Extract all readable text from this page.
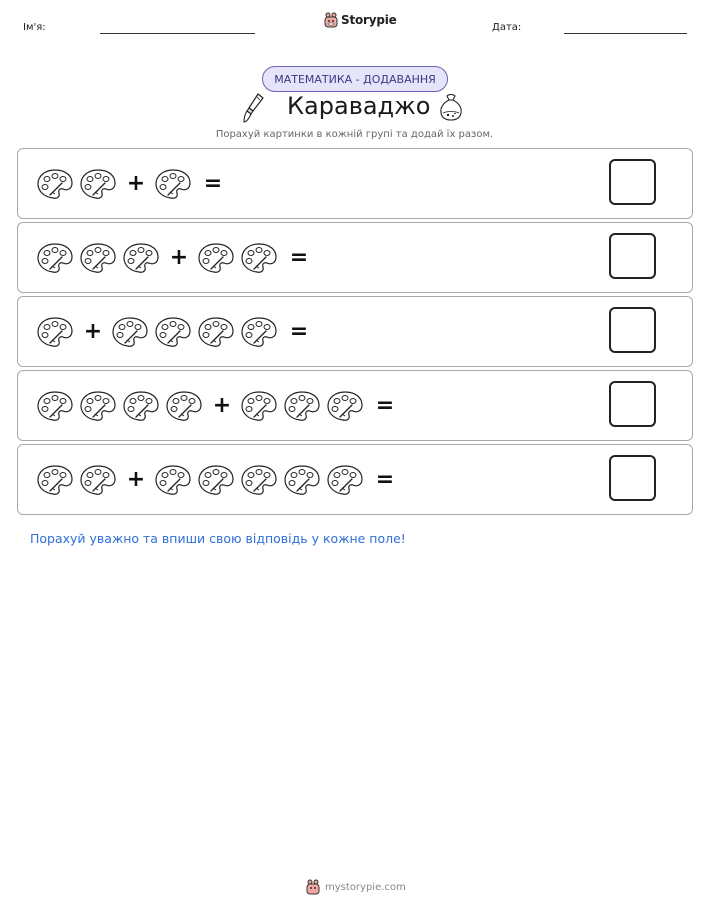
Ім'я:
Storypie
Дата:
МАТЕМАТИКА - ДОДАВАННЯ
Караваджо
Порахуй картинки в кожній групі та додай їх разом.
+	=
+	=
+	=
+	=
+	=
Порахуй уважно та впиши свою відповідь у кожне поле!
mystorypie.com
